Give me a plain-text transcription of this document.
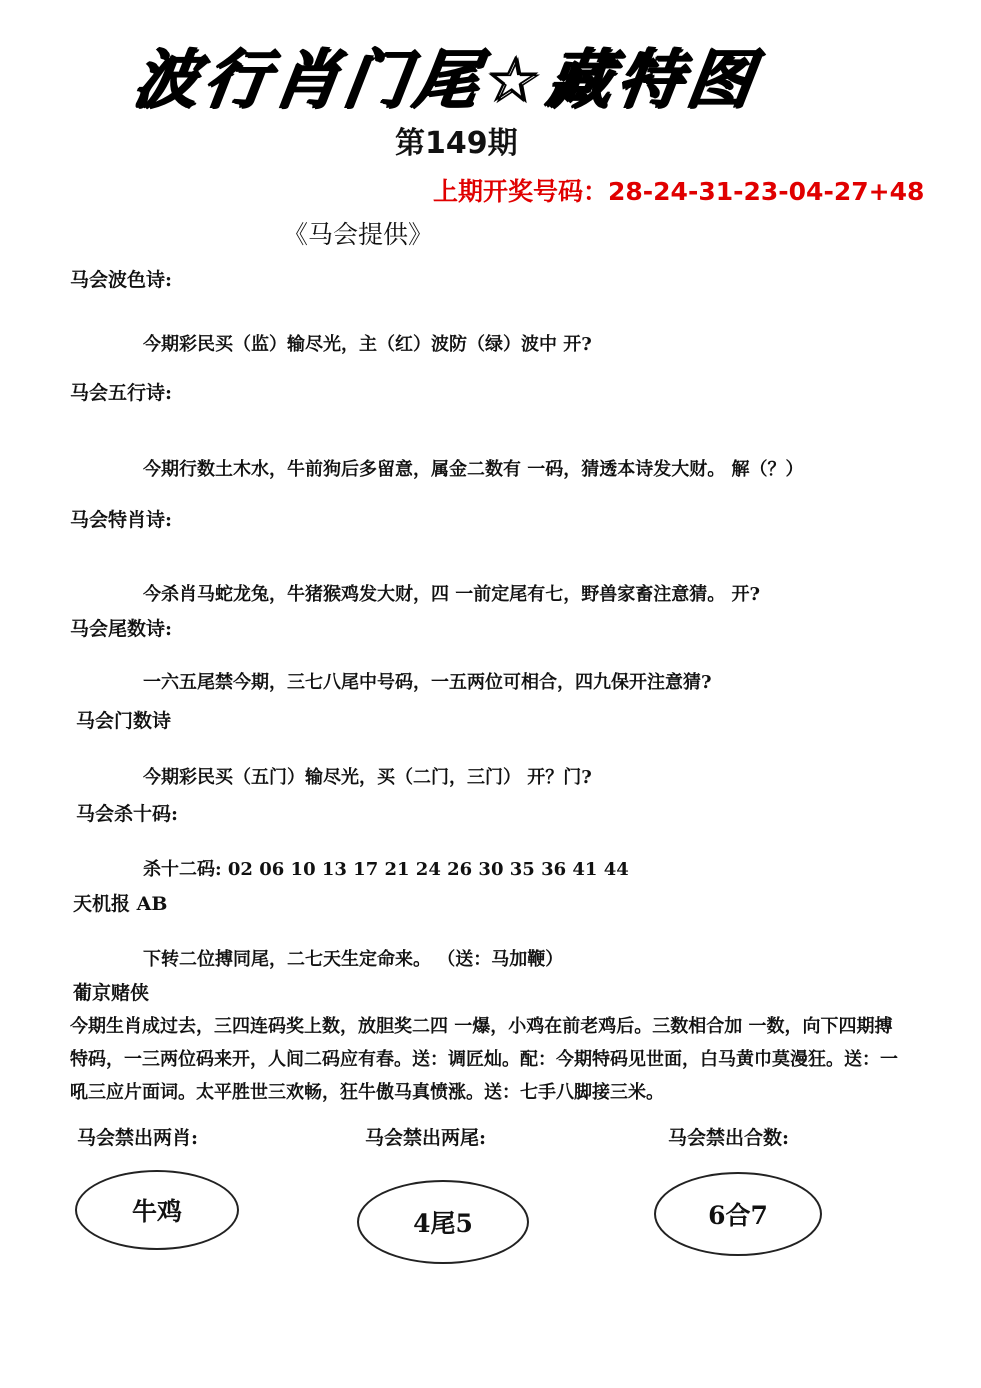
波行肖门尾☆藏特图
第149期
上期开奖号码：28-24-31-23-04-27+48
《马会提供》
马会波色诗:
今期彩民买（监）输尽光，主（红）波防（绿）波中 开?
马会五行诗:
今期行数土木水，牛前狗后多留意，属金二数有 一码，猜透本诗发大财。 解（？）
马会特肖诗:
今杀肖马蛇龙兔，牛猪猴鸡发大财，四 一前定尾有七，野兽家畜注意猜。 开?
马会尾数诗:
一六五尾禁今期，三七八尾中号码，一五两位可相合，四九保开注意猜?
马会门数诗
今期彩民买（五门）输尽光，买（二门，三门） 开？门?
马会杀十码:
杀十二码: 02 06 10 13 17 21 24 26 30 35 36 41 44
天机报 AB
下转二位搏同尾，二七天生定命来。 （送：马加鞭）
葡京赌侠
今期生肖成过去，三四连码奖上数，放胆奖二四 一爆，小鸡在前老鸡后。三数相合加 一数，向下四期搏特码，一三两位码来开，人间二码应有春。送：调匠灿。配：今期特码见世面，白马黄巾莫漫狂。送：一吼三应片面词。太平胜世三欢畅，狂牛傲马真愤涨。送：七手八脚接三米。
马会禁出两肖:	马会禁出两尾:	马会禁出合数:
牛鸡	4尾5	6合7
